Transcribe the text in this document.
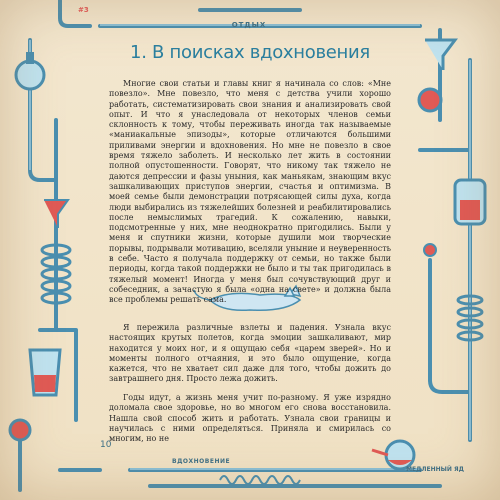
#3
ОТДЫХ
1. В поисках вдохновения

Многие свои статьи и главы книг я начинала со слов: «Мне повезло». Мне повезло, что меня с детства учили хорошо работать, систематизировать свои знания и анализировать свой опыт. И что я унаследовала от некоторых членов семьи склонность к тому, чтобы переживать иногда так называемые «маниакальные эпизоды», которые отличаются большими приливами энергии и вдохновения. Но мне не повезло в свое время тяжело заболеть. И несколько лет жить в состоянии полной опустошенности. Говорят, что никому так тяжело не даются депрессии и фазы уныния, как маньякам, знающим вкус зашкаливающих приступов энергии, счастья и оптимизма. В моей семье были демонстрации потрясающей силы духа, когда люди выбирались из тяжелейших болезней и реабилитировались после немыслимых трагедий. К сожалению, навыки, подсмотренные у них, мне неоднократно пригодились. Были у меня и спутники жизни, которые душили мои творческие порывы, подрывали мотивацию, вселяли уныние и неуверенность в себе. Часто я получала поддержку от семьи, но также были периоды, когда такой поддержки не было и ты так пригодилась в тяжелый момент! Иногда у меня был сочувствующий друг и собеседник, а зачастую я была «одна на свете» и должна была все проблемы решать сама.

Я пережила различные взлеты и падения. Узнала вкус настоящих крутых полетов, когда эмоции зашкаливают, мир находится у моих ног, и я ощущаю себя «царем зверей». Но и моменты полного отчаяния, и это было ощущение, когда кажется, что не хватает сил даже для того, чтобы дожить до завтрашнего дня. Просто лежа дожить.

Годы идут, а жизнь меня учит по-разному. Я уже изрядно доломала свое здоровье, но во многом его снова восстановила. Нашла свой способ жить и работать. Узнала свои границы и научилась с ними определяться. Приняла и смирилась со многим, но не

10
ВДОХНОВЕНИЕ
МЕДЛЕННЫЙ ЯД
